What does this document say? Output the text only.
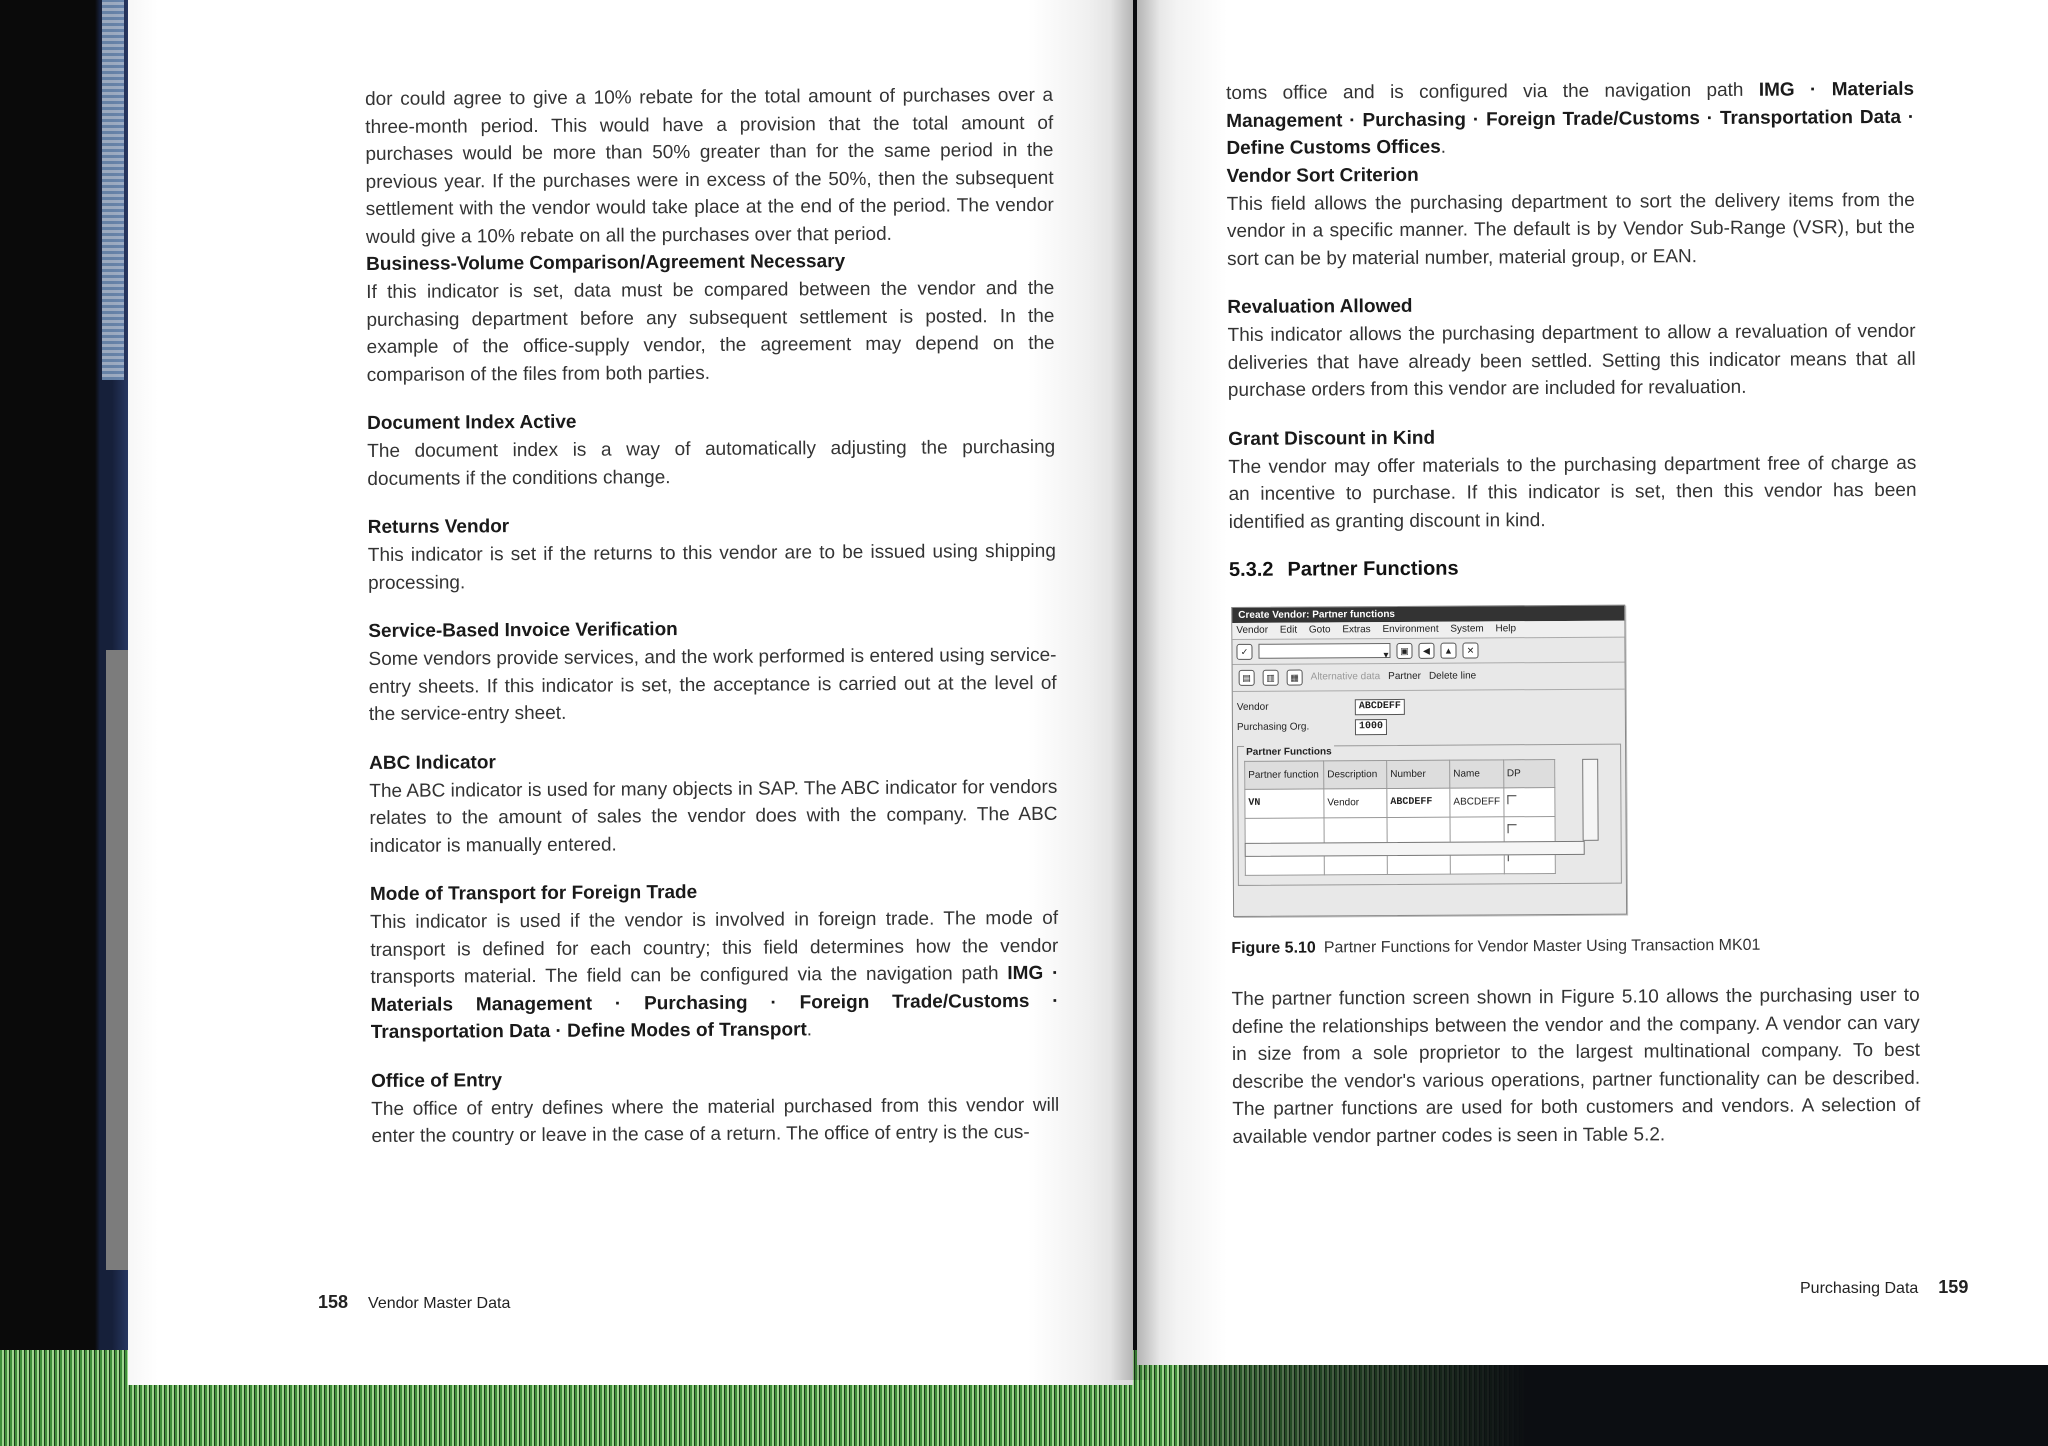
dor could agree to give a 10% rebate for the total amount of purchases over a three-month period. This would have a provision that the total amount of purchases would be more than 50% greater than for the same period in the previous year. If the purchases were in excess of the 50%, then the subsequent settlement with the vendor would take place at the end of the period. The vendor would give a 10% rebate on all the purchases over that period.

Business-Volume Comparison/Agreement Necessary

If this indicator is set, data must be compared between the vendor and the purchasing department before any subsequent settlement is posted. In the example of the office-supply vendor, the agreement may depend on the comparison of the files from both parties.

Document Index Active

The document index is a way of automatically adjusting the purchasing documents if the conditions change.

Returns Vendor

This indicator is set if the returns to this vendor are to be issued using shipping processing.

Service-Based Invoice Verification

Some vendors provide services, and the work performed is entered using service-entry sheets. If this indicator is set, the acceptance is carried out at the level of the service-entry sheet.

ABC Indicator

The ABC indicator is used for many objects in SAP. The ABC indicator for vendors relates to the amount of sales the vendor does with the company. The ABC indicator is manually entered.

Mode of Transport for Foreign Trade

This indicator is used if the vendor is involved in foreign trade. The mode of transport is defined for each country; this field determines how the vendor transports material. The field can be configured via the navigation path IMG · Materials Management · Purchasing · Foreign Trade/Customs · Transportation Data · Define Modes of Transport.

Office of Entry

The office of entry defines where the material purchased from this vendor will enter the country or leave in the case of a return. The office of entry is the cus-

158 Vendor Master Data

toms office and is configured via the navigation path IMG · Materials Management · Purchasing · Foreign Trade/Customs · Transportation Data · Define Customs Offices.

Vendor Sort Criterion

This field allows the purchasing department to sort the delivery items from the vendor in a specific manner. The default is by Vendor Sub-Range (VSR), but the sort can be by material number, material group, or EAN.

Revaluation Allowed

This indicator allows the purchasing department to allow a revaluation of vendor deliveries that have already been settled. Setting this indicator means that all purchase orders from this vendor are included for revaluation.

Grant Discount in Kind

The vendor may offer materials to the purchasing department free of charge as an incentive to purchase. If this indicator is set, then this vendor has been identified as granting discount in kind.

5.3.2 Partner Functions
Create Vendor: Partner functions
Vendor Edit Goto Extras Environment System Help
✓ ▾	▣	◀	▲	✕
▤	▥	▦	Alternative data Partner Delete line
Vendor	ABCDEFF
Purchasing Org.	1000
Partner Functions
Partner function	Description	Number	Name	DP
VN	Vendor	ABCDEFF	ABCDEFF	

Figure 5.10 Partner Functions for Vendor Master Using Transaction MK01

The partner function screen shown in Figure 5.10 allows the purchasing user to define the relationships between the vendor and the company. A vendor can vary in size from a sole proprietor to the largest multinational company. To best describe the vendor's various operations, partner functionality can be described. The partner functions are used for both customers and vendors. A selection of available vendor partner codes is seen in Table 5.2.

Purchasing Data 159
